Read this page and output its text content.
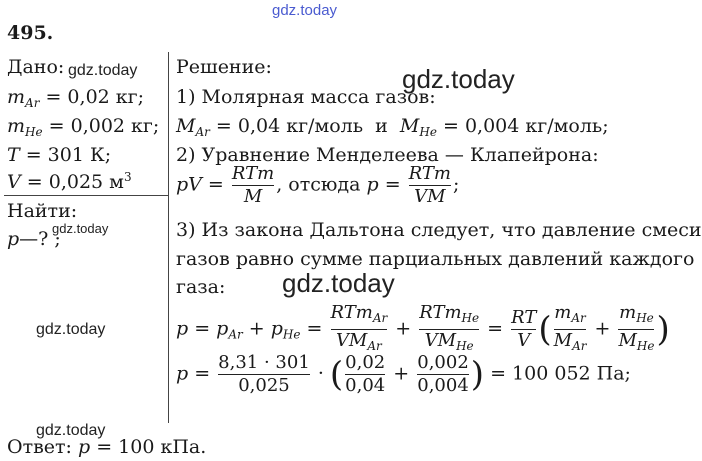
gdz.today
495.
Дано:
$m_{Ar} = 0,02$ кг;
$m_{He} = 0,002$ кг;
T = 301 К;
V = 0,025 $м^3$
Найти:
p—? ;
gdz.today	gdz.today
gdz.today
gdz.today
gdz.today
gdz.today
Решение:
1) Молярная масса газов:
$M_{Ar} = 0,04$ кг/моль  и  $M_{He} = 0,004$ кг/моль;
2) Уравнение Менделеева — Клапейрона:
pV = $\frac{\text{RTm}}{M}$ , отсюда $p = \frac{\text{RTm}}{VM}$ ;
3) Из закона Дальтона следует, что давление смеси
газов равно сумме парциальных давлений каждого
газа:
$p = p_{Ar} + p_{He} = \frac{RTm_{Ar}}{VM_{Ar}} + \frac{RTm_{He}}{VM_{He}} = \frac{RT}{V}$ ( $\frac{m_{Ar}}{M_{Ar}} + \frac{m_{He}}{M_{He}}$ )
$p = \frac{8,31 \cdot 301}{0,025}$ · ( $\frac{0,02}{0,04} + \frac{0,002}{0,004}$ ) = 100 052 Па;
Ответ: p = 100 кПа.
